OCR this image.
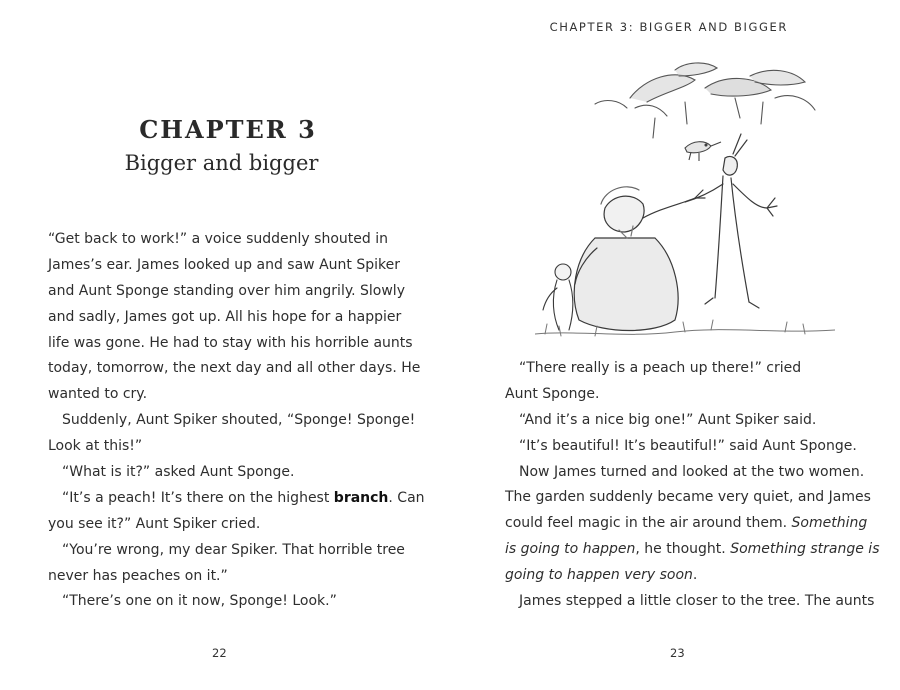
CHAPTER 3
Bigger and bigger
“Get back to work!” a voice suddenly shouted in
James’s ear. James looked up and saw Aunt Spiker
and Aunt Sponge standing over him angrily. Slowly
and sadly, James got up. All his hope for a happier
life was gone. He had to stay with his horrible aunts
today, tomorrow, the next day and all other days. He
wanted to cry.
Suddenly, Aunt Spiker shouted, “Sponge! Sponge!
Look at this!”
“What is it?” asked Aunt Sponge.
“It’s a peach! It’s there on the highest branch. Can
you see it?” Aunt Spiker cried.
“You’re wrong, my dear Spiker. That horrible tree
never has peaches on it.”
“There’s one on it now, Sponge! Look.”
22
CHAPTER 3: BIGGER AND BIGGER
“There really is a peach up there!” cried
Aunt Sponge.
“And it’s a nice big one!” Aunt Spiker said.
“It’s beautiful! It’s beautiful!” said Aunt Sponge.
Now James turned and looked at the two women.
The garden suddenly became very quiet, and James
could feel magic in the air around them. Something
is going to happen, he thought. Something strange is
going to happen very soon.
James stepped a little closer to the tree. The aunts
23
